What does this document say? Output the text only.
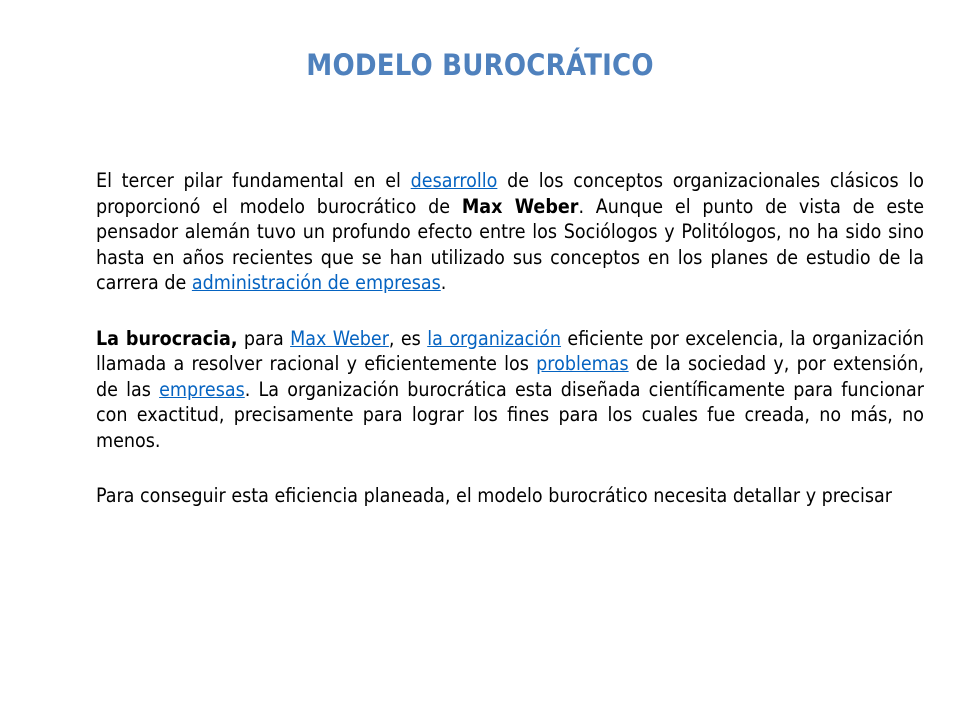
MODELO BUROCRÁTICO

El tercer pilar fundamental en el desarrollo de los conceptos organizacionales clásicos lo proporcionó el modelo burocrático de Max Weber. Aunque el punto de vista de este pensador alemán tuvo un profundo efecto entre los Sociólogos y Politólogos, no ha sido sino hasta en años recientes que se han utilizado sus conceptos en los planes de estudio de la carrera de administración de empresas.

La burocracia, para Max Weber, es la organización eficiente por excelencia, la organización llamada a resolver racional y eficientemente los problemas de la sociedad y, por extensión, de las empresas. La organización burocrática esta diseñada científicamente para funcionar con exactitud, precisamente para lograr los fines para los cuales fue creada, no más, no menos.

Para conseguir esta eficiencia planeada, el modelo burocrático necesita detallar y precisar
